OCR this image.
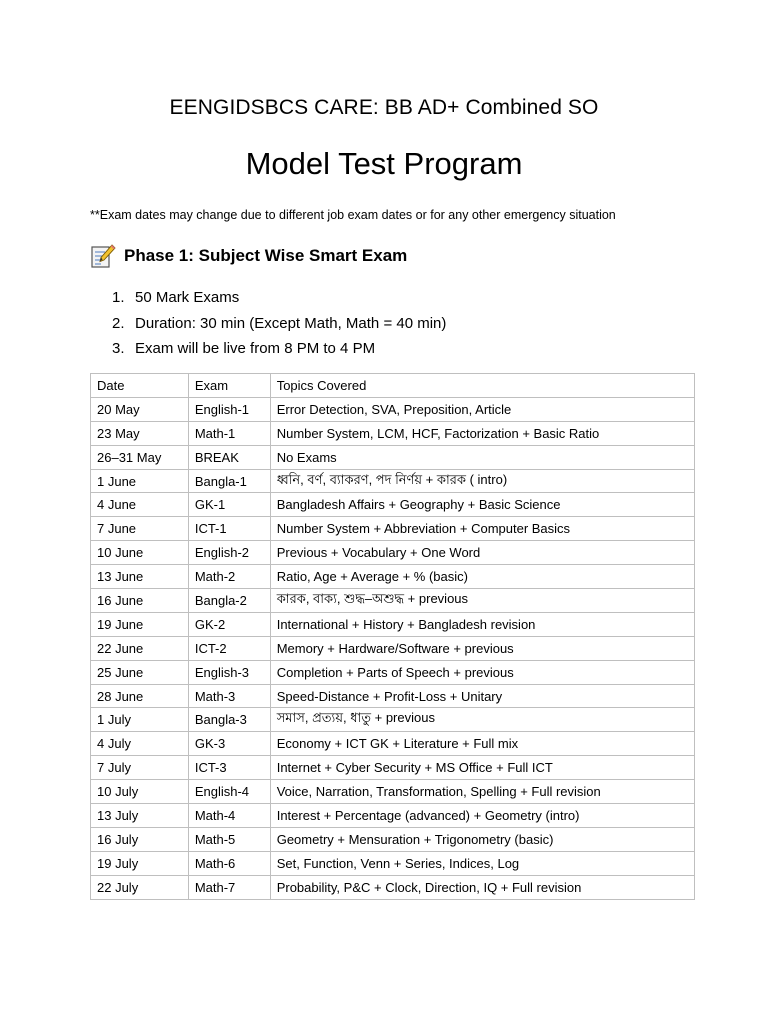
EENGIDSBCS CARE: BB AD+ Combined SO
Model Test Program
**Exam dates may change due to different job exam dates or for any other emergency situation
Phase 1: Subject Wise Smart Exam
1. 50 Mark Exams
2. Duration: 30 min (Except Math, Math = 40 min)
3. Exam will be live from 8 PM to 4 PM
Date	Exam	Topics Covered
20 May	English-1	Error Detection, SVA, Preposition, Article
23 May	Math-1	Number System, LCM, HCF, Factorization + Basic Ratio
26–31 May	BREAK	No Exams
1 June	Bangla-1	ধ্বনি, বর্ণ, ব্যাকরণ, পদ নির্ণয় + কারক ( intro)
4 June	GK-1	Bangladesh Affairs + Geography + Basic Science
7 June	ICT-1	Number System + Abbreviation + Computer Basics
10 June	English-2	Previous + Vocabulary + One Word
13 June	Math-2	Ratio, Age + Average + % (basic)
16 June	Bangla-2	কারক, বাক্য, শুদ্ধ–অশুদ্ধ + previous
19 June	GK-2	International + History + Bangladesh revision
22 June	ICT-2	Memory + Hardware/Software + previous
25 June	English-3	Completion + Parts of Speech + previous
28 June	Math-3	Speed-Distance + Profit-Loss + Unitary
1 July	Bangla-3	সমাস, প্রত্যয়, ধাতু + previous
4 July	GK-3	Economy + ICT GK + Literature + Full mix
7 July	ICT-3	Internet + Cyber Security + MS Office + Full ICT
10 July	English-4	Voice, Narration, Transformation, Spelling + Full revision
13 July	Math-4	Interest + Percentage (advanced) + Geometry (intro)
16 July	Math-5	Geometry + Mensuration + Trigonometry (basic)
19 July	Math-6	Set, Function, Venn + Series, Indices, Log
22 July	Math-7	Probability, P&C + Clock, Direction, IQ + Full revision
